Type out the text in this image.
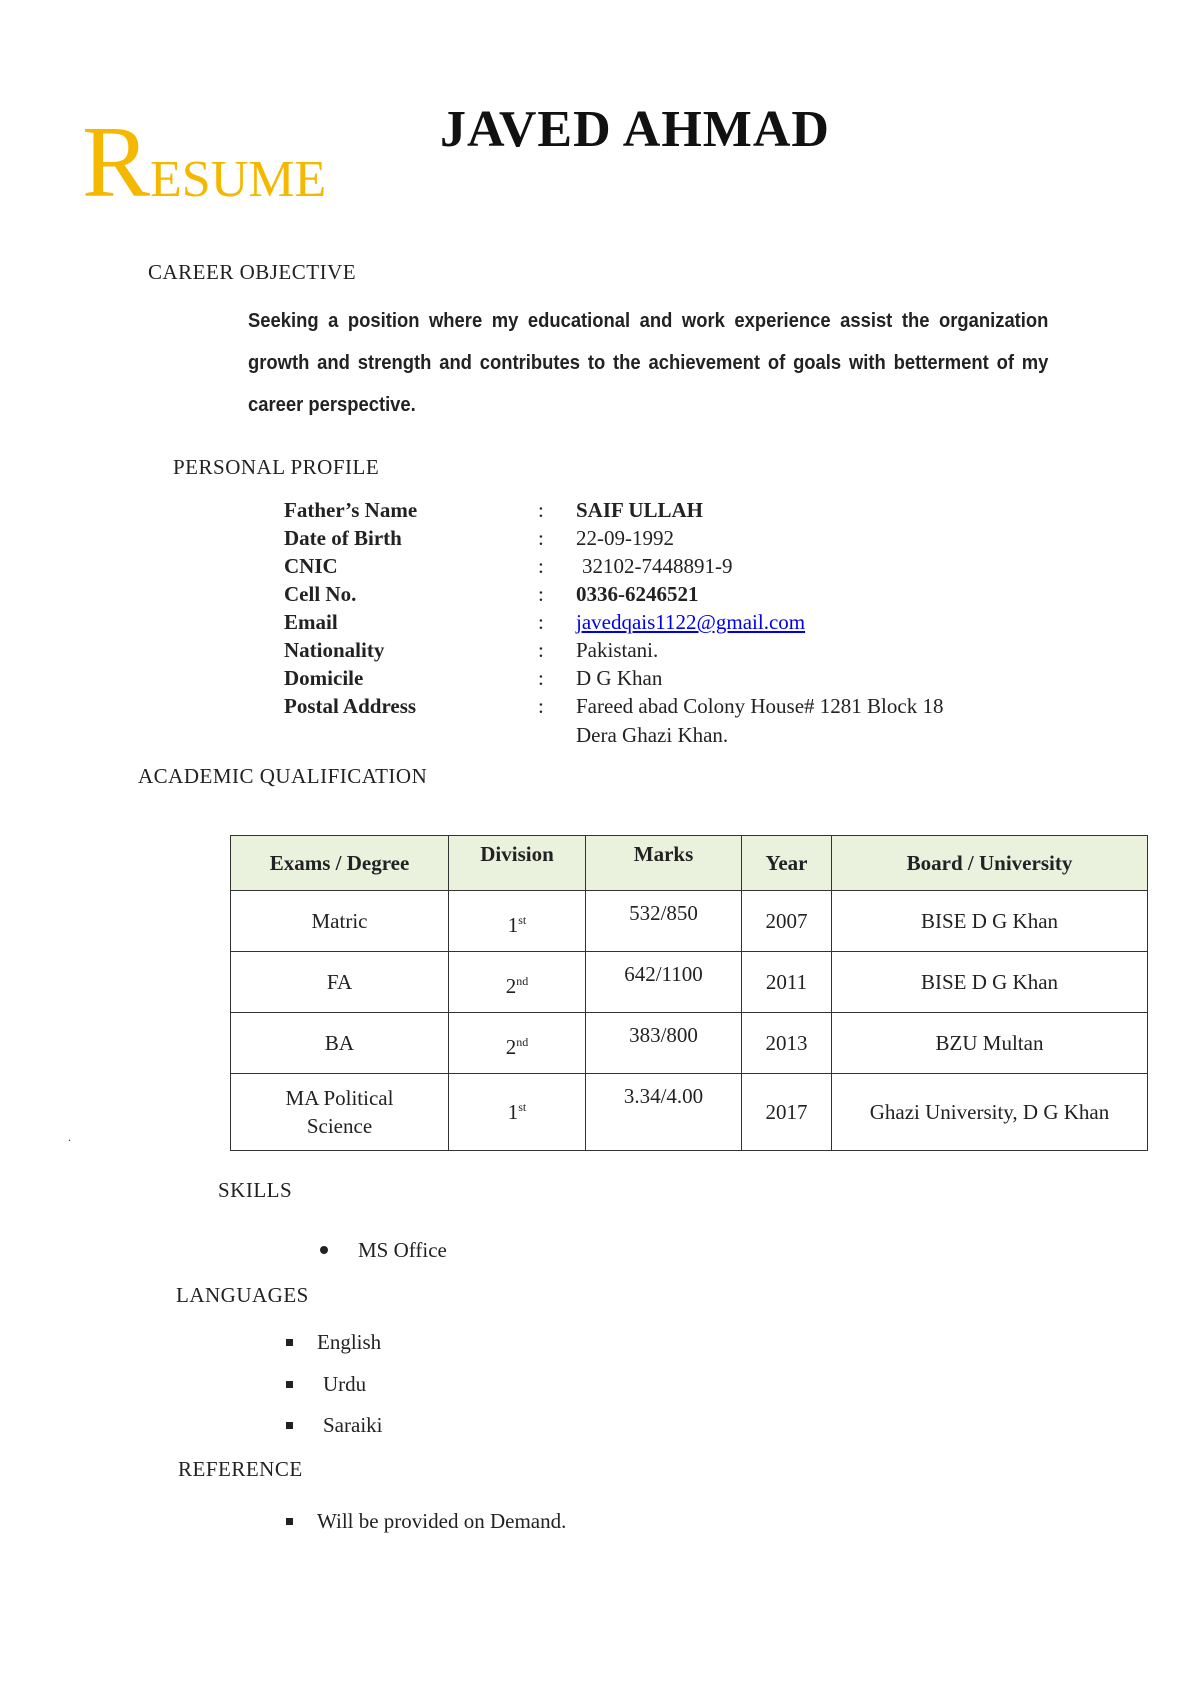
RESUME
JAVED AHMAD
CAREER OBJECTIVE
Seeking a position where my educational and work experience assist the organization growth and strength and contributes to the achievement of goals with betterment of my career perspective.
PERSONAL PROFILE
Father’s Name	: SAIF ULLAH
Date of Birth	: 22-09-1992
CNIC	: 32102-7448891-9
Cell No.	: 0336-6246521
Email	: javedqais1122@gmail.com
Nationality	: Pakistani.
Domicile	: D G Khan
Postal Address	: Fareed abad Colony House# 1281 Block 18
Dera Ghazi Khan.
ACADEMIC QUALIFICATION
Exams / Degree	Division	Marks	Year	Board / University
Matric	1st	532/850	2007	BISE D G Khan
FA	2nd	642/1100	2011	BISE D G Khan
BA	2nd	383/800	2013	BZU Multan

MA Political
Science	1st	3.34/4.00	2017	Ghazi University, D G Khan
.
SKILLS
MS Office
LANGUAGES
English
Urdu
Saraiki
REFERENCE
Will be provided on Demand.
